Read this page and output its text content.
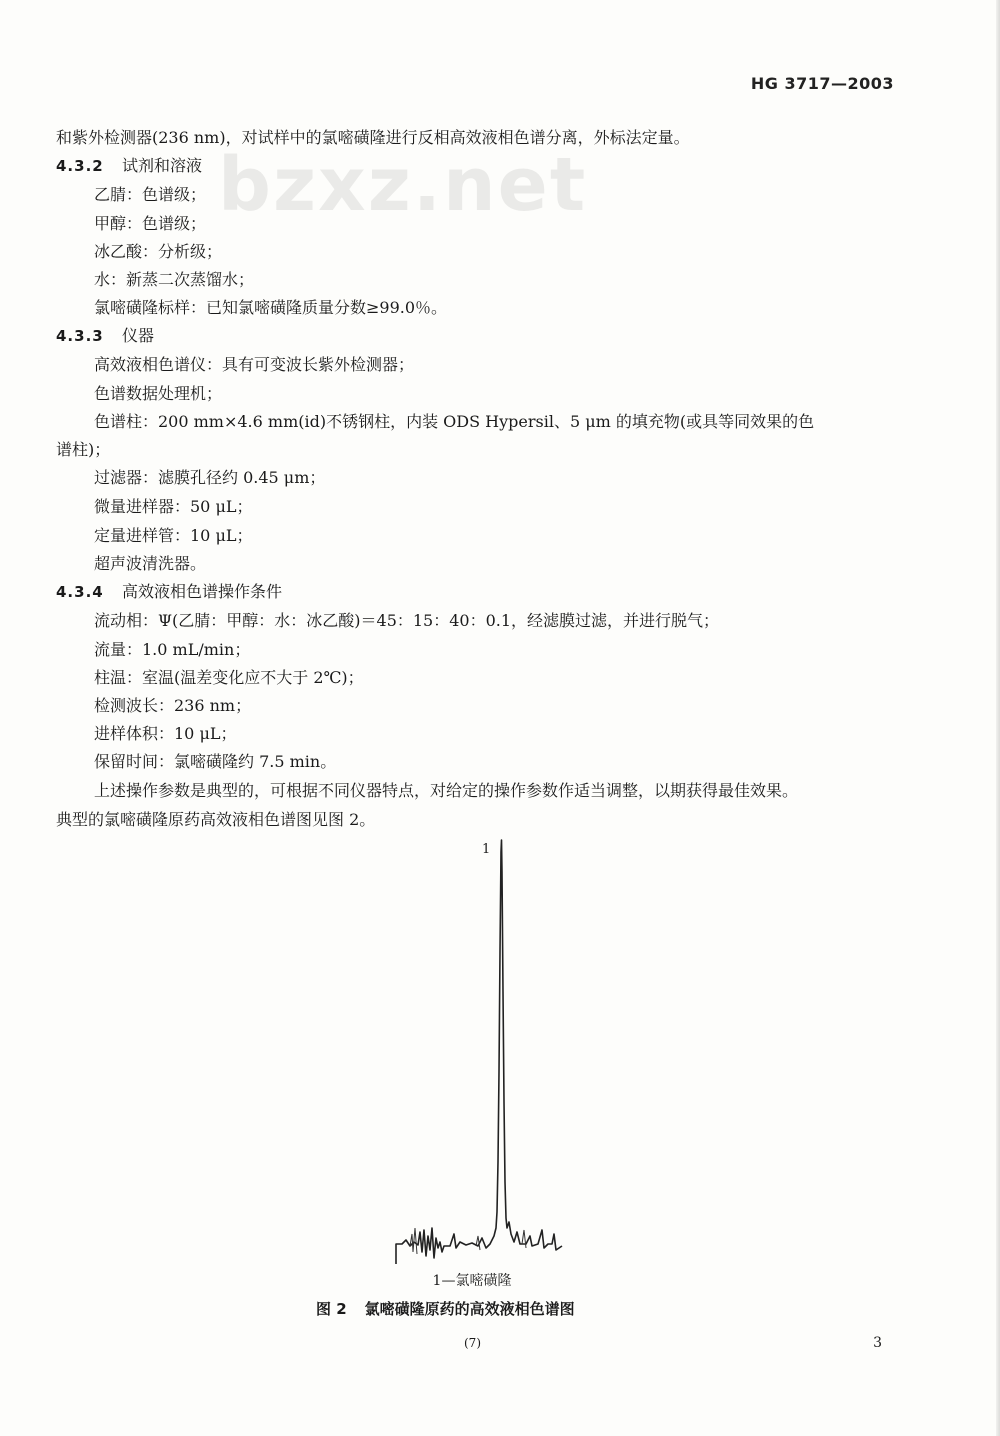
HG 3717—2003
bzxz.net
和紫外检测器(236 nm)，对试样中的氯嘧磺隆进行反相高效液相色谱分离，外标法定量。
4.3.2 试剂和溶液
乙腈：色谱级；
甲醇：色谱级；
冰乙酸：分析级；
水：新蒸二次蒸馏水；
氯嘧磺隆标样：已知氯嘧磺隆质量分数≥99.0％。
4.3.3 仪器
高效液相色谱仪：具有可变波长紫外检测器；
色谱数据处理机；
色谱柱：200 mm×4.6 mm(id)不锈钢柱，内装 ODS Hypersil、5 μm 的填充物(或具等同效果的色
谱柱)；
过滤器：滤膜孔径约 0.45 μm；
微量进样器：50 μL；
定量进样管：10 μL；
超声波清洗器。
4.3.4 高效液相色谱操作条件
流动相：Ψ(乙腈：甲醇：水：冰乙酸)＝45：15：40：0.1，经滤膜过滤，并进行脱气；
流量：1.0 mL/min；
柱温：室温(温差变化应不大于 2℃)；
检测波长：236 nm；
进样体积：10 μL；
保留时间：氯嘧磺隆约 7.5 min。
上述操作参数是典型的，可根据不同仪器特点，对给定的操作参数作适当调整，以期获得最佳效果。
典型的氯嘧磺隆原药高效液相色谱图见图 2。
1
1—氯嘧磺隆
图 2 氯嘧磺隆原药的高效液相色谱图
(7)	3
